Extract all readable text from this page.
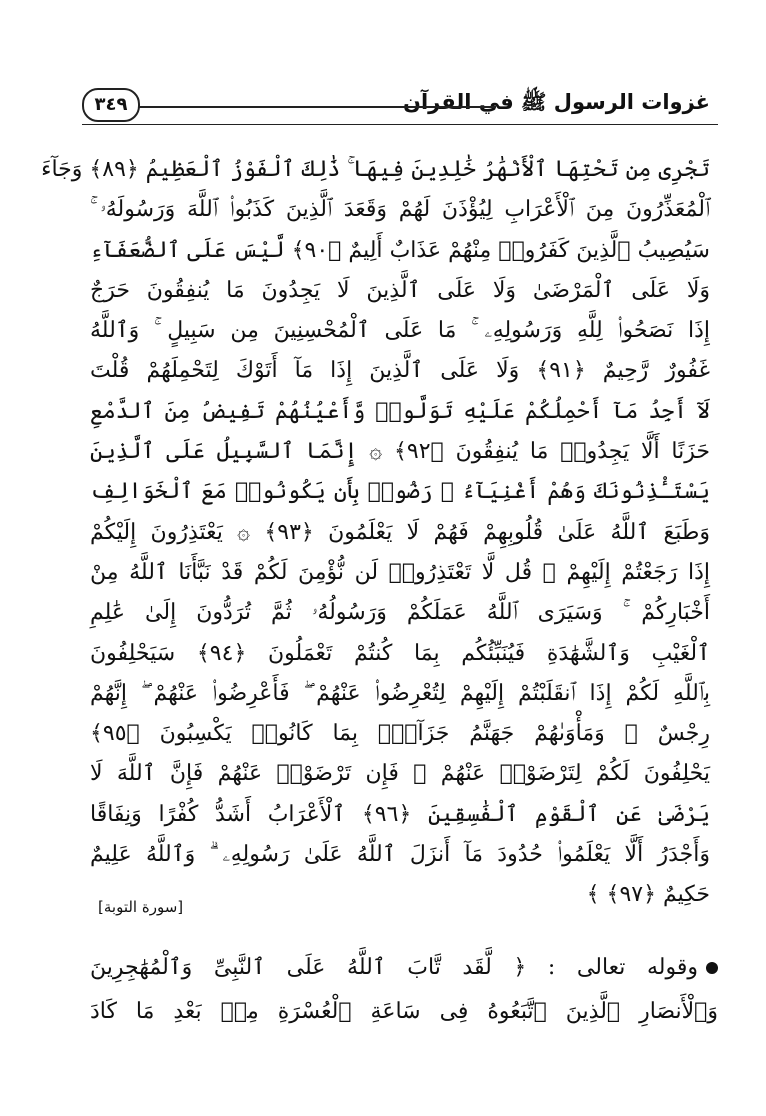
غزوات الرسول ﷺ في القرآن
٣٤٩
تَجْرِى مِن تَحْتِهَا ٱلْأَنْهَٰرُ خَٰلِدِينَ فِيهَا ۚ ذَٰلِكَ ٱلْفَوْزُ ٱلْعَظِيمُ ﴿٨٩﴾ وَجَآءَ
ٱلْمُعَذِّرُونَ مِنَ ٱلْأَعْرَابِ لِيُؤْذَنَ لَهُمْ وَقَعَدَ ٱلَّذِينَ كَذَبُوا۟ ٱللَّهَ وَرَسُولَهُۥ ۚ
سَيُصِيبُ ٱلَّذِينَ كَفَرُوا۟ مِنْهُمْ عَذَابٌ أَلِيمٌ ﴿٩٠﴾ لَّيْسَ عَلَى ٱلضُّعَفَآءِ
وَلَا عَلَى ٱلْمَرْضَىٰ وَلَا عَلَى ٱلَّذِينَ لَا يَجِدُونَ مَا يُنفِقُونَ حَرَجٌ
إِذَا نَصَحُوا۟ لِلَّهِ وَرَسُولِهِۦ ۚ مَا عَلَى ٱلْمُحْسِنِينَ مِن سَبِيلٍ ۚ وَٱللَّهُ
غَفُورٌ رَّحِيمٌ ﴿٩١﴾ وَلَا عَلَى ٱلَّذِينَ إِذَا مَآ أَتَوْكَ لِتَحْمِلَهُمْ قُلْتَ
لَآ أَجِدُ مَآ أَحْمِلُكُمْ عَلَيْهِ تَوَلَّوا۟ وَّأَعْيُنُهُمْ تَفِيضُ مِنَ ٱلدَّمْعِ
حَزَنًا أَلَّا يَجِدُوا۟ مَا يُنفِقُونَ ﴿٩٢﴾ ۞ إِنَّمَا ٱلسَّبِيلُ عَلَى ٱلَّذِينَ
يَسْتَـْٔذِنُونَكَ وَهُمْ أَغْنِيَآءُ ۚ رَضُوا۟ بِأَن يَكُونُوا۟ مَعَ ٱلْخَوَالِفِ
وَطَبَعَ ٱللَّهُ عَلَىٰ قُلُوبِهِمْ فَهُمْ لَا يَعْلَمُونَ ﴿٩٣﴾ ۞ يَعْتَذِرُونَ إِلَيْكُمْ
إِذَا رَجَعْتُمْ إِلَيْهِمْ ۚ قُل لَّا تَعْتَذِرُوا۟ لَن نُّؤْمِنَ لَكُمْ قَدْ نَبَّأَنَا ٱللَّهُ مِنْ
أَخْبَارِكُمْ ۚ وَسَيَرَى ٱللَّهُ عَمَلَكُمْ وَرَسُولُهُۥ ثُمَّ تُرَدُّونَ إِلَىٰ عَٰلِمِ
ٱلْغَيْبِ وَٱلشَّهَٰدَةِ فَيُنَبِّئُكُم بِمَا كُنتُمْ تَعْمَلُونَ ﴿٩٤﴾ سَيَحْلِفُونَ
بِٱللَّهِ لَكُمْ إِذَا ٱنقَلَبْتُمْ إِلَيْهِمْ لِتُعْرِضُوا۟ عَنْهُمْ ۖ فَأَعْرِضُوا۟ عَنْهُمْ ۖ إِنَّهُمْ
رِجْسٌ ۖ وَمَأْوَىٰهُمْ جَهَنَّمُ جَزَآءًۢ بِمَا كَانُوا۟ يَكْسِبُونَ ﴿٩٥﴾
يَحْلِفُونَ لَكُمْ لِتَرْضَوْا۟ عَنْهُمْ ۖ فَإِن تَرْضَوْا۟ عَنْهُمْ فَإِنَّ ٱللَّهَ لَا
يَرْضَىٰ عَنِ ٱلْقَوْمِ ٱلْفَٰسِقِينَ ﴿٩٦﴾ ٱلْأَعْرَابُ أَشَدُّ كُفْرًا وَنِفَاقًا
وَأَجْدَرُ أَلَّا يَعْلَمُوا۟ حُدُودَ مَآ أَنزَلَ ٱللَّهُ عَلَىٰ رَسُولِهِۦ ۗ وَٱللَّهُ عَلِيمٌ
حَكِيمٌ ﴿٩٧﴾ ﴾
[سورة التوبة]
وقوله تعالى : ﴿ لَّقَد تَّابَ ٱللَّهُ عَلَى ٱلنَّبِىِّ وَٱلْمُهَٰجِرِينَ
وَٱلْأَنصَارِ ٱلَّذِينَ ٱتَّبَعُوهُ فِى سَاعَةِ ٱلْعُسْرَةِ مِنۢ بَعْدِ مَا كَادَ
